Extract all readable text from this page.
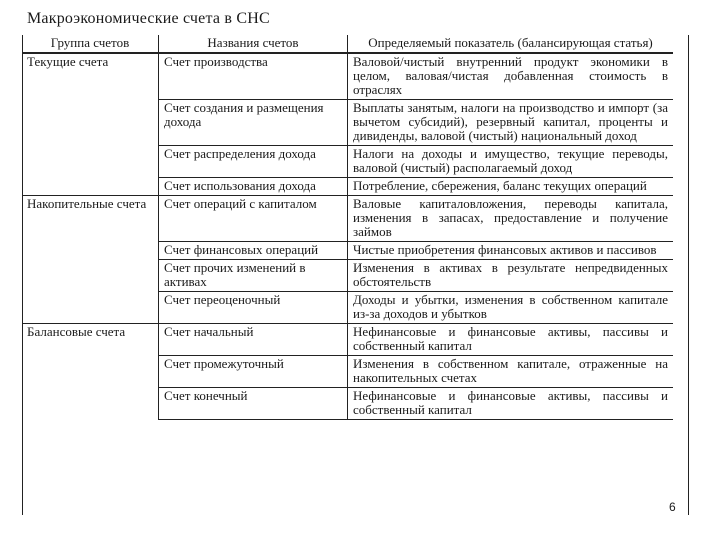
Макроэкономические счета в СНС
Группа счетов	Названия счетов	Определяемый показатель (балансирующая статья)
Текущие счета	Счет производства	Валовой/чистый внутренний продукт экономики в целом, валовая/чистая добавленная стоимость в отраслях
	Счет создания и размещения дохода	Выплаты занятым, налоги на производство и импорт (за вычетом субсидий), резервный капитал, проценты и дивиденды, валовой (чистый) национальный доход
	Счет распределения дохода	Налоги на доходы и имущество, текущие переводы, валовой (чистый) располагаемый доход
	Счет использования дохода	Потребление, сбережения, баланс текущих операций
Накопительные счета	Счет операций с капиталом	Валовые капиталовложения, переводы капитала, изменения в запасах, предоставление и получение займов
	Счет финансовых операций	Чистые приобретения финансовых активов и пассивов
	Счет прочих изменений в активах	Изменения в активах в результате непредвиденных обстоятельств
	Счет переоценочный	Доходы и убытки, изменения в собственном капитале из-за доходов и убытков
Балансовые счета	Счет начальный	Нефинансовые и финансовые активы, пассивы и собственный капитал
	Счет промежуточный	Изменения в собственном капитале, отраженные на накопительных счетах
	Счет конечный	Нефинансовые и финансовые активы, пассивы и собственный капитал
6
